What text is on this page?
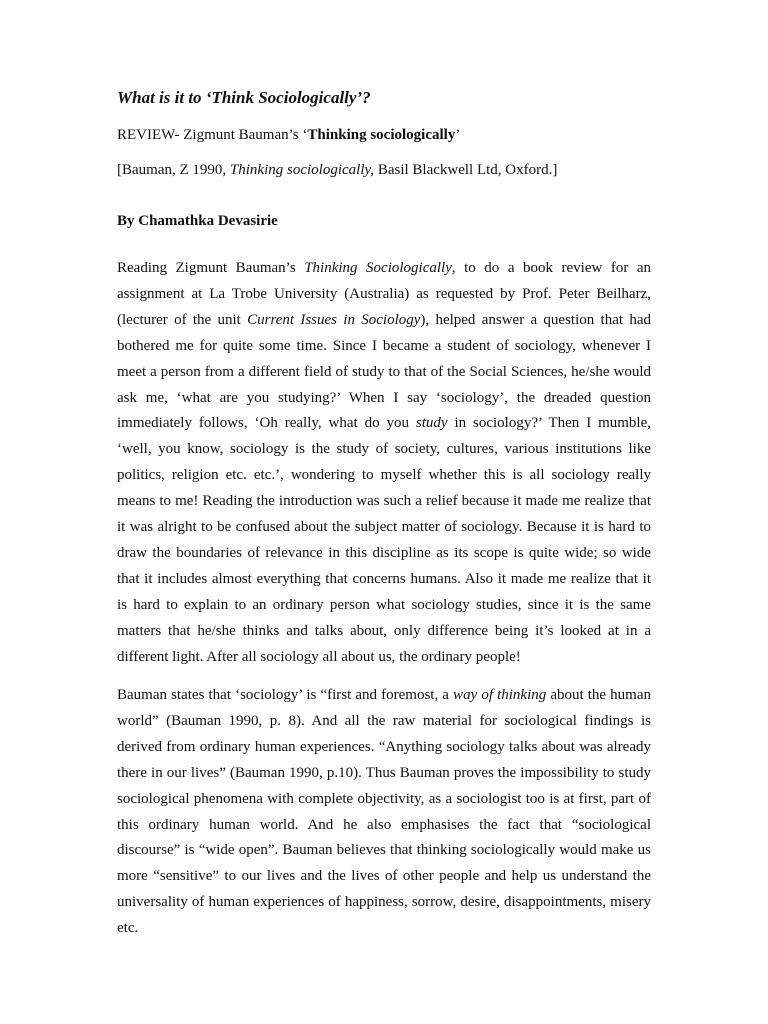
What is it to ‘Think Sociologically’?
REVIEW- Zigmunt Bauman’s ‘Thinking sociologically’
[Bauman, Z 1990, Thinking sociologically, Basil Blackwell Ltd, Oxford.]
By Chamathka Devasirie

Reading Zigmunt Bauman’s Thinking Sociologically, to do a book review for an assignment at La Trobe University (Australia) as requested by Prof. Peter Beilharz, (lecturer of the unit Current Issues in Sociology), helped answer a question that had bothered me for quite some time. Since I became a student of sociology, whenever I meet a person from a different field of study to that of the Social Sciences, he/she would ask me, ‘what are you studying?’ When I say ‘sociology’, the dreaded question immediately follows, ‘Oh really, what do you study in sociology?’ Then I mumble, ‘well, you know, sociology is the study of society, cultures, various institutions like politics, religion etc. etc.’, wondering to myself whether this is all sociology really means to me! Reading the introduction was such a relief because it made me realize that it was alright to be confused about the subject matter of sociology. Because it is hard to draw the boundaries of relevance in this discipline as its scope is quite wide; so wide that it includes almost everything that concerns humans. Also it made me realize that it is hard to explain to an ordinary person what sociology studies, since it is the same matters that he/she thinks and talks about, only difference being it’s looked at in a different light. After all sociology all about us, the ordinary people!

Bauman states that ‘sociology’ is “first and foremost, a way of thinking about the human world” (Bauman 1990, p. 8). And all the raw material for sociological findings is derived from ordinary human experiences. “Anything sociology talks about was already there in our lives” (Bauman 1990, p.10). Thus Bauman proves the impossibility to study sociological phenomena with complete objectivity, as a sociologist too is at first, part of this ordinary human world. And he also emphasises the fact that “sociological discourse” is “wide open”. Bauman believes that thinking sociologically would make us more “sensitive” to our lives and the lives of other people and help us understand the universality of human experiences of happiness, sorrow, desire, disappointments, misery etc.
